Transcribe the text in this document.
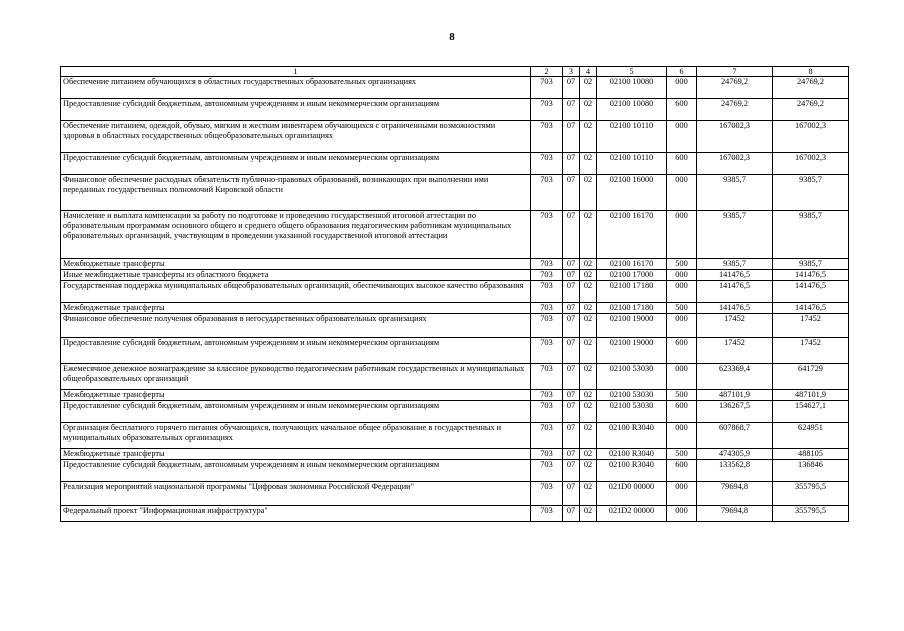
8
1	2	3	4	5	6	7	8
Обеспечение питанием обучающихся в областных государственных образовательных организациях	703	07	02	02100 10080	000	24769,2	24769,2
Предоставление субсидий бюджетным, автономным учреждениям и иным некоммерческим организациям	703	07	02	02100 10080	600	24769,2	24769,2
Обеспечение питанием, одеждой, обувью, мягким и жестким инвентарем обучающихся с ограниченными возможностями здоровья в областных государственных общеобразовательных организациях	703	07	02	02100 10110	000	167002,3	167002,3
Предоставление субсидий бюджетным, автономным учреждениям и иным некоммерческим организациям	703	07	02	02100 10110	600	167002,3	167002,3
Финансовое обеспечение расходных обязательств публично-правовых образований, возникающих при выполнении ими переданных государственных полномочий Кировской области	703	07	02	02100 16000	000	9385,7	9385,7
Начисление и выплата компенсации за работу по подготовке и проведению государственной итоговой аттестации по образовательным программам основного общего и среднего общего образования педагогическим работникам муниципальных образовательных организаций, участвующим в проведении указанной государственной итоговой аттестации	703	07	02	02100 16170	000	9385,7	9385,7
Межбюджетные трансферты	703	07	02	02100 16170	500	9385,7	9385,7
Иные межбюджетные трансферты из областного бюджета	703	07	02	02100 17000	000	141476,5	141476,5
Государственная поддержка муниципальных общеобразовательных организаций, обеспечивающих высокое качество образования	703	07	02	02100 17180	000	141476,5	141476,5
Межбюджетные трансферты	703	07	02	02100 17180	500	141476,5	141476,5
Финансовое обеспечение получения образования в негосударственных образовательных организациях	703	07	02	02100 19000	000	17452	17452
Предоставление субсидий бюджетным, автономным учреждениям и иным некоммерческим организациям	703	07	02	02100 19000	600	17452	17452
Ежемесячное денежное вознаграждение за классное руководство педагогическим работникам государственных и муниципальных общеобразовательных организаций	703	07	02	02100 53030	000	623369,4	641729
Межбюджетные трансферты	703	07	02	02100 53030	500	487101,9	487101,9
Предоставление субсидий бюджетным, автономным учреждениям и иным некоммерческим организациям	703	07	02	02100 53030	600	136267,5	154627,1
Организация бесплатного горячего питания обучающихся, получающих начальное общее образование в государственных и муниципальных образовательных организациях	703	07	02	02100 R3040	000	607868,7	624951
Межбюджетные трансферты	703	07	02	02100 R3040	500	474305,9	488105
Предоставление субсидий бюджетным, автономным учреждениям и иным некоммерческим организациям	703	07	02	02100 R3040	600	133562,8	136846
Реализация мероприятий национальной программы "Цифровая экономика Российской Федерации"	703	07	02	021D0 00000	000	79694,8	355795,5
Федеральный проект "Информационная инфраструктура"	703	07	02	021D2 00000	000	79694,8	355795,5
